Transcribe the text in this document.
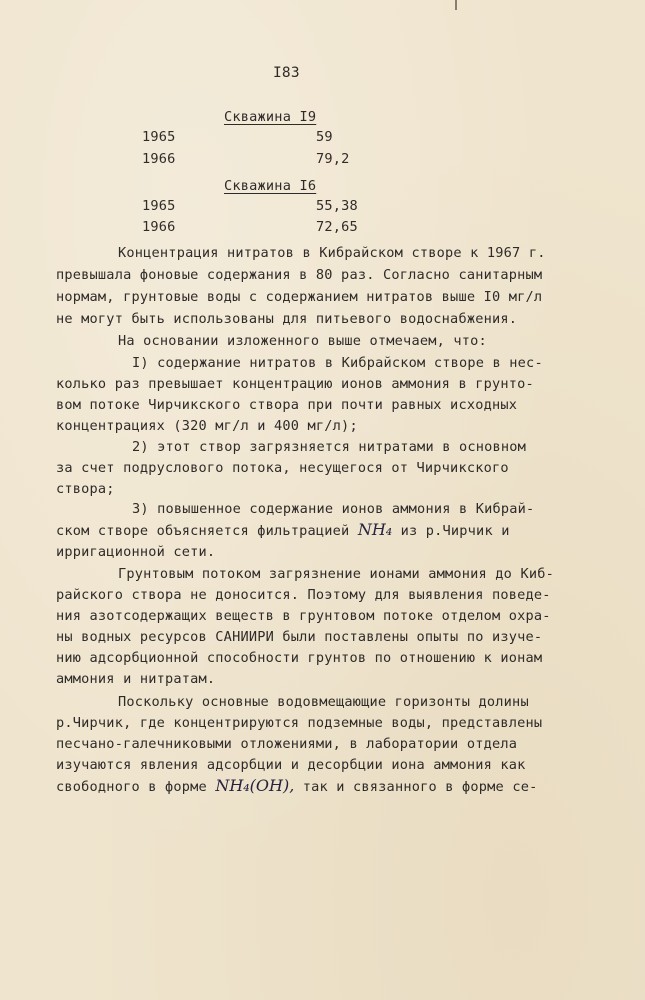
I83
Скважина I9
1965	59
1966	79,2
Скважина I6
1965	55,38
1966	72,65
Концентрация нитратов в Кибрайском створе к 1967 г.
превышала фоновые содержания в 80 раз. Согласно санитарным
нормам, грунтовые воды с содержанием нитратов выше I0 мг/л
не могут быть использованы для питьевого водоснабжения.
На основании изложенного выше отмечаем, что:
I) содержание нитратов в Кибрайском створе в нес-
колько раз превышает концентрацию ионов аммония в грунто-
вом потоке Чирчикского створа при почти равных исходных
концентрациях (320 мг/л и 400 мг/л);
2) этот створ загрязняется нитратами в основном
за счет подруслового потока, несущегося от Чирчикского
створа;
3) повышенное содержание ионов аммония в Кибрай-
ском створе объясняется фильтрацией NH₄ из р.Чирчик и
ирригационной сети.
Грунтовым потоком загрязнение ионами аммония до Киб-
райского створа не доносится. Поэтому для выявления поведе-
ния азотсодержащих веществ в грунтовом потоке отделом охра-
ны водных ресурсов САНИИРИ были поставлены опыты по изуче-
нию адсорбционной способности грунтов по отношению к ионам
аммония и нитратам.
Поскольку основные водовмещающие горизонты долины
р.Чирчик, где концентрируются подземные воды, представлены
песчано-галечниковыми отложениями, в лаборатории отдела
изучаются явления адсорбции и десорбции иона аммония как
свободного в форме NH₄(OH), так и связанного в форме се-
